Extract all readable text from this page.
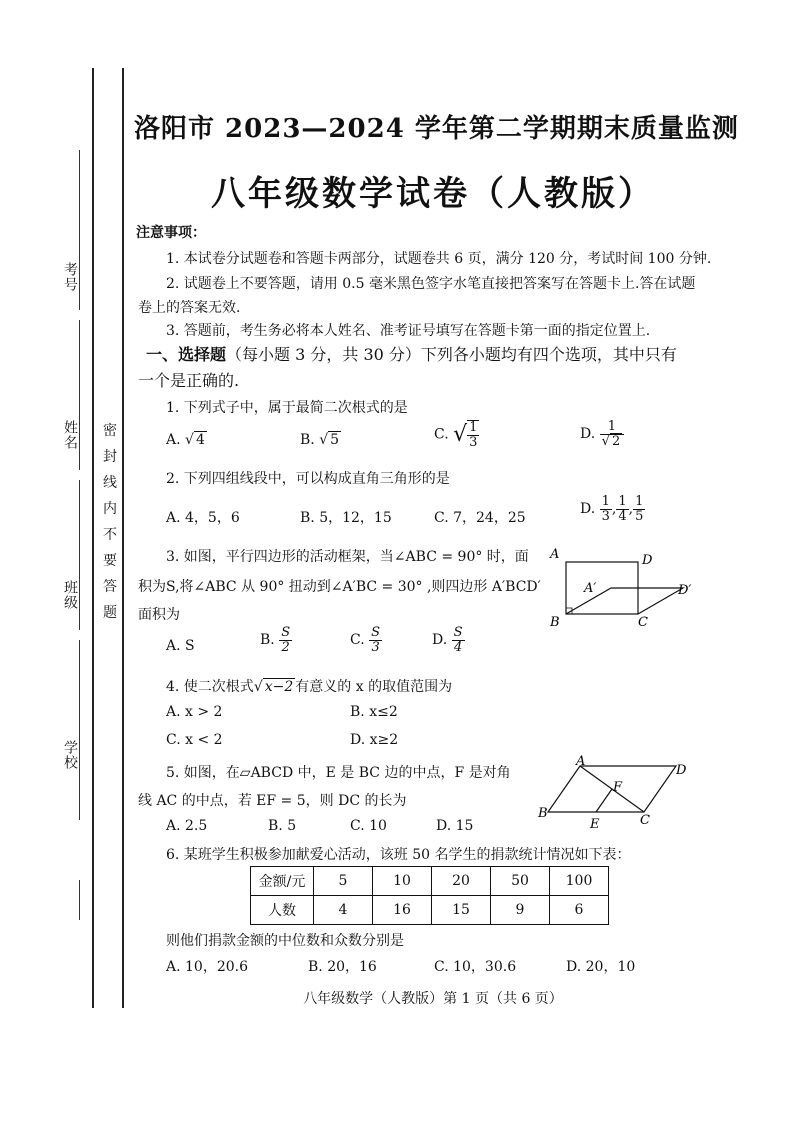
考号
姓名
班级
学校
密
封
线
内
不
要
答
题
洛阳市 2023—2024 学年第二学期期末质量监测
八年级数学试卷（人教版）
注意事项：
1. 本试卷分试题卷和答题卡两部分，试题卷共 6 页，满分 120 分，考试时间 100 分钟.
2. 试题卷上不要答题，请用 0.5 毫米黑色签字水笔直接把答案写在答题卡上.答在试题
卷上的答案无效.
3. 答题前，考生务必将本人姓名、准考证号填写在答题卡第一面的指定位置上.
一、选择题（每小题 3 分，共 30 分）下列各小题均有四个选项，其中只有
一个是正确的.
1. 下列式子中，属于最简二次根式的是
A. √ 4	B. √ 5	C. √ $\frac{1}{3}$	D. $\frac{1}{√ 2}$
2. 下列四组线段中，可以构成直角三角形的是
A. 4，5，6	B. 5，12，15	C. 7，24，25
D. $\frac{1}{3}$ , $\frac{1}{4}$ , $\frac{1}{5}$
3. 如图，平行四边形的活动框架，当∠ABC = 90° 时，面
积为S,将∠ABC 从 90° 扭动到∠A′BC = 30° ,则四边形 A′BCD′
面积为
A	D
A′	D′
B	C
A. S	B. $\frac{S}{2}$	C. $\frac{S}{3}$	D. $\frac{S}{4}$
4. 使二次根式√ x−2 有意义的 x 的取值范围为
A. x > 2	B. x≤2
C. x < 2	D. x≥2
5. 如图，在▱ABCD 中，E 是 BC 边的中点，F 是对角
线 AC 的中点，若 EF = 5，则 DC 的长为
A
D
F
B
E	C
A. 2.5	B. 5	C. 10	D. 15
6. 某班学生积极参加献爱心活动，该班 50 名学生的捐款统计情况如下表：
金额/元	5	10	20	50	100
人数	4	16	15	9	6
则他们捐款金额的中位数和众数分别是
A. 10，20.6	B. 20，16	C. 10，30.6	D. 20，10
八年级数学（人教版）第 1 页（共 6 页）
